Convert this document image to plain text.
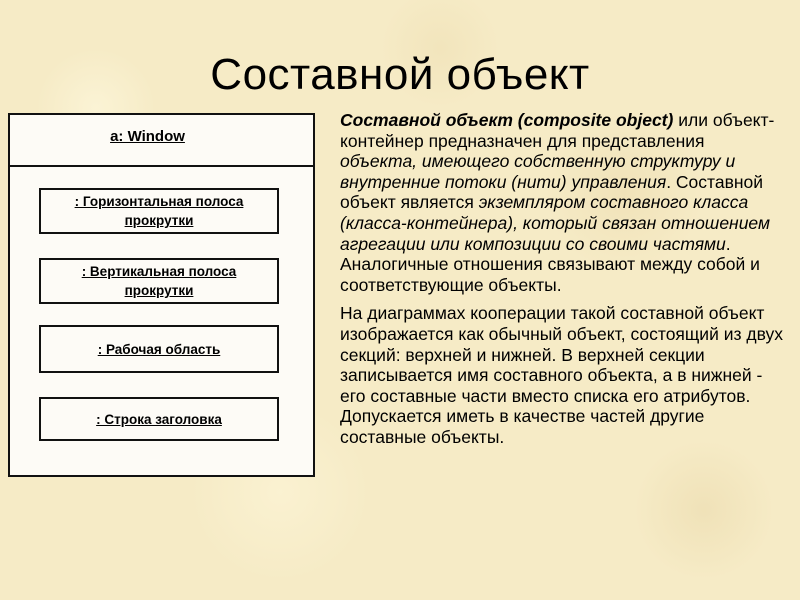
Составной объект
a: Window
: Горизонтальная полоса прокрутки
: Вертикальная полоса прокрутки
: Рабочая область
: Строка заголовка

Составной объект (composite object) или объект-контейнер предназначен для представления объекта, имеющего собственную структуру и внутренние потоки (нити) управления. Составной объект является экземпляром составного класса (класса-контейнера), который связан отношением агрегации или композиции со своими частями. Аналогичные отношения связывают между собой и соответствующие объекты.

На диаграммах кооперации такой составной объект изображается как обычный объект, состоящий из двух секций: верхней и нижней. В верхней секции записывается имя составного объекта, а в нижней - его составные части вместо списка его атрибутов. Допускается иметь в качестве частей другие составные объекты.
